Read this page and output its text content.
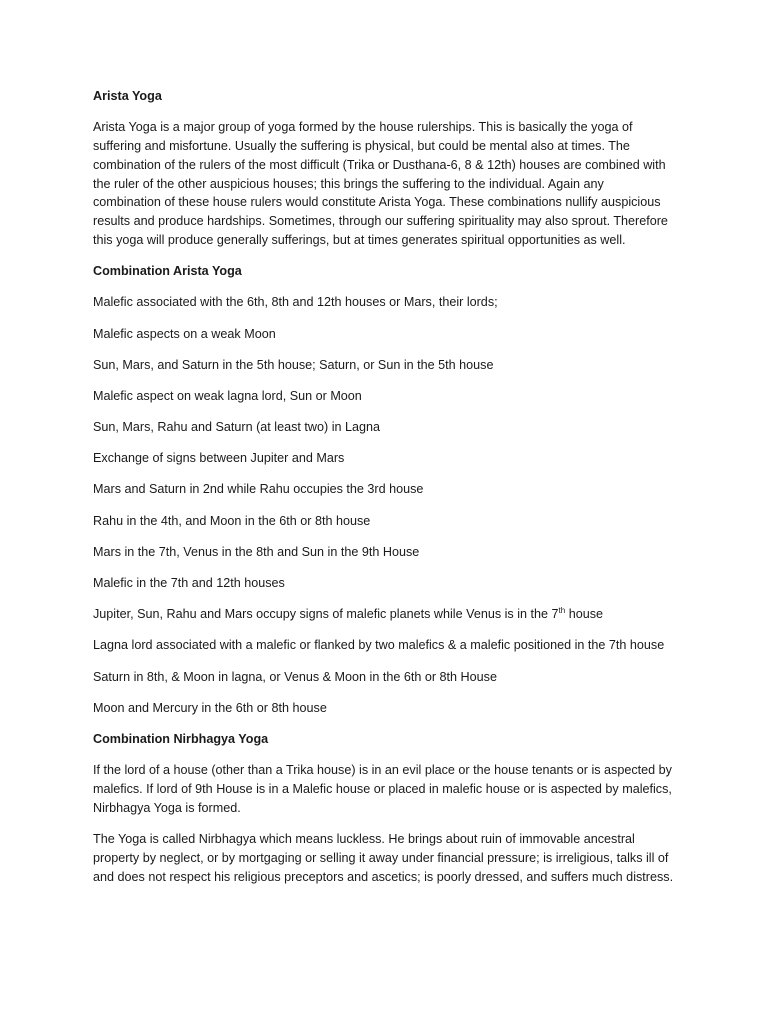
Arista Yoga

Arista Yoga is a major group of yoga formed by the house rulerships. This is basically the yoga of suffering and misfortune. Usually the suffering is physical, but could be mental also at times. The combination of the rulers of the most difficult (Trika or Dusthana-6, 8 & 12th) houses are combined with the ruler of the other auspicious houses; this brings the suffering to the individual. Again any combination of these house rulers would constitute Arista Yoga. These combinations nullify auspicious results and produce hardships. Sometimes, through our suffering spirituality may also sprout. Therefore this yoga will produce generally sufferings, but at times generates spiritual opportunities as well.

Combination Arista Yoga

Malefic associated with the 6th, 8th and 12th houses or Mars, their lords;

Malefic aspects on a weak Moon

Sun, Mars, and Saturn in the 5th house; Saturn, or Sun in the 5th house

Malefic aspect on weak lagna lord, Sun or Moon

Sun, Mars, Rahu and Saturn (at least two) in Lagna

Exchange of signs between Jupiter and Mars

Mars and Saturn in 2nd while Rahu occupies the 3rd house

Rahu in the 4th, and Moon in the 6th or 8th house

Mars in the 7th, Venus in the 8th and Sun in the 9th House

Malefic in the 7th and 12th houses

Jupiter, Sun, Rahu and Mars occupy signs of malefic planets while Venus is in the 7th house

Lagna lord associated with a malefic or flanked by two malefics & a malefic positioned in the 7th house

Saturn in 8th, & Moon in lagna, or Venus & Moon in the 6th or 8th House

Moon and Mercury in the 6th or 8th house

Combination Nirbhagya Yoga

If the lord of a house (other than a Trika house) is in an evil place or the house tenants or is aspected by malefics. If lord of 9th House is in a Malefic house or placed in malefic house or is aspected by malefics, Nirbhagya Yoga is formed.

The Yoga is called Nirbhagya which means luckless. He brings about ruin of immovable ancestral property by neglect, or by mortgaging or selling it away under financial pressure; is irreligious, talks ill of and does not respect his religious preceptors and ascetics; is poorly dressed, and suffers much distress.
